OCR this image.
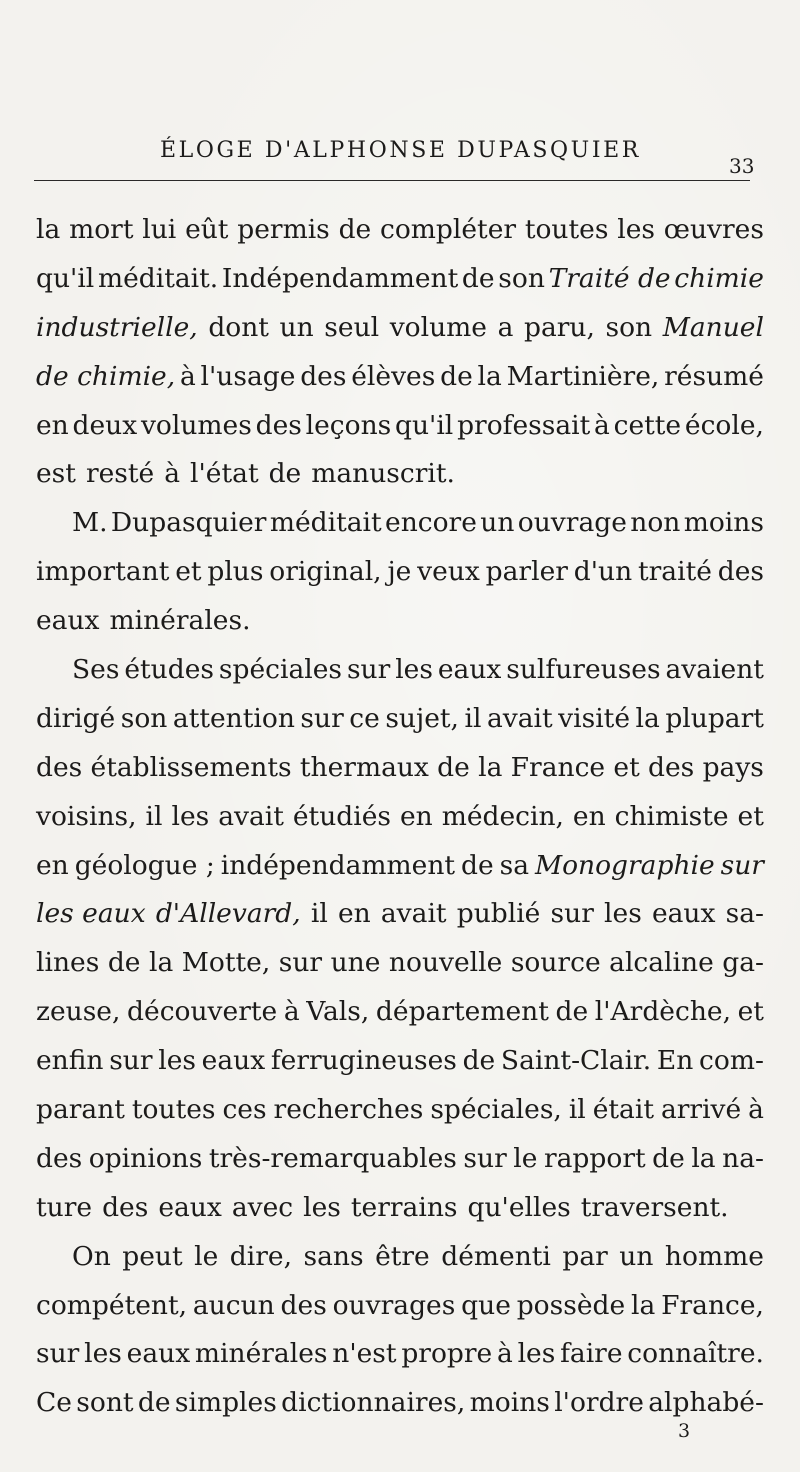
ÉLOGE D'ALPHONSE DUPASQUIER
33
la mort lui eût permis de compléter toutes les œuvres
qu'il méditait. Indépendamment de son Traité de chimie
industrielle, dont un seul volume a paru, son Manuel
de chimie, à l'usage des élèves de la Martinière, résumé
en deux volumes des leçons qu'il professait à cette école,
est resté à l'état de manuscrit.
M. Dupasquier méditait encore un ouvrage non moins
important et plus original, je veux parler d'un traité des
eaux minérales.
Ses études spéciales sur les eaux sulfureuses avaient
dirigé son attention sur ce sujet, il avait visité la plupart
des établissements thermaux de la France et des pays
voisins, il les avait étudiés en médecin, en chimiste et
en géologue ; indépendamment de sa Monographie sur
les eaux d'Allevard, il en avait publié sur les eaux sa-
lines de la Motte, sur une nouvelle source alcaline ga-
zeuse, découverte à Vals, département de l'Ardèche, et
enfin sur les eaux ferrugineuses de Saint-Clair. En com-
parant toutes ces recherches spéciales, il était arrivé à
des opinions très-remarquables sur le rapport de la na-
ture des eaux avec les terrains qu'elles traversent.
On peut le dire, sans être démenti par un homme
compétent, aucun des ouvrages que possède la France,
sur les eaux minérales n'est propre à les faire connaître.
Ce sont de simples dictionnaires, moins l'ordre alphabé-
3
